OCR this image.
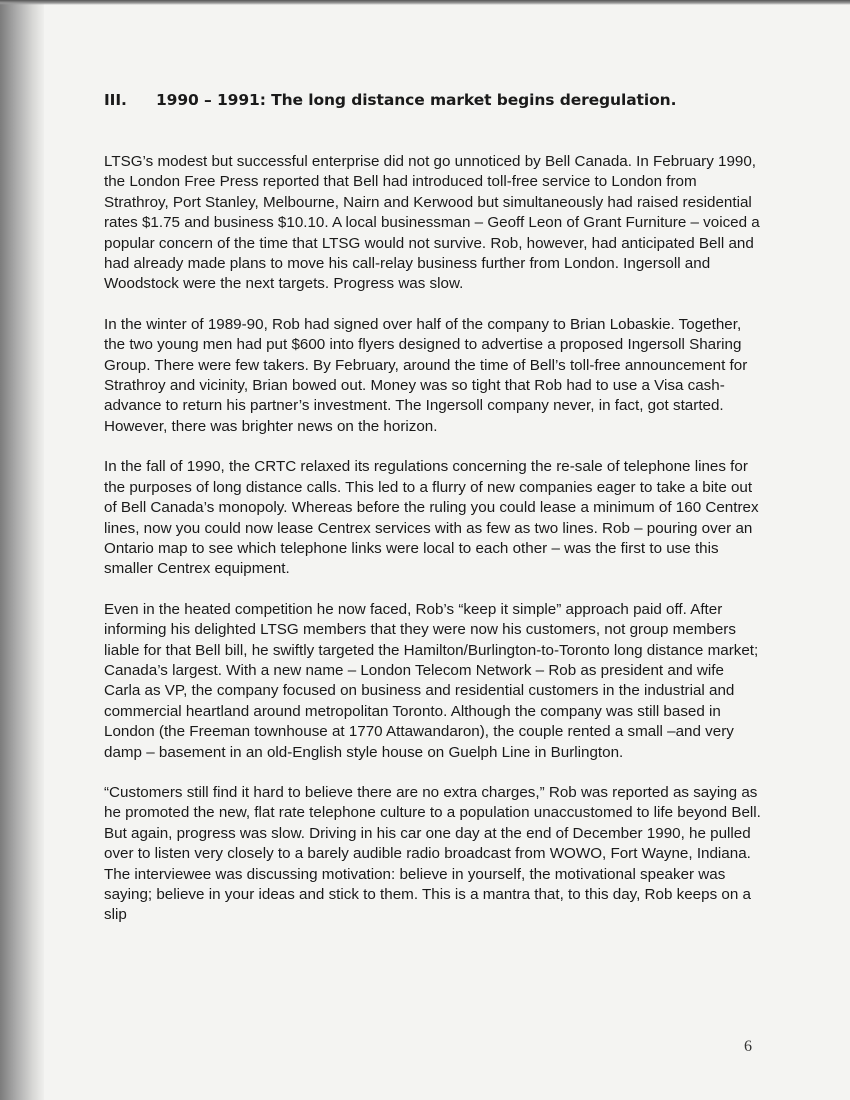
III. 1990 – 1991: The long distance market begins deregulation.

LTSG’s modest but successful enterprise did not go unnoticed by Bell Canada. In February 1990, the London Free Press reported that Bell had introduced toll-free service to London from Strathroy, Port Stanley, Melbourne, Nairn and Kerwood but simultaneously had raised residential rates $1.75 and business $10.10. A local businessman – Geoff Leon of Grant Furniture – voiced a popular concern of the time that LTSG would not survive. Rob, however, had anticipated Bell and had already made plans to move his call-relay business further from London. Ingersoll and Woodstock were the next targets. Progress was slow.

In the winter of 1989-90, Rob had signed over half of the company to Brian Lobaskie. Together, the two young men had put $600 into flyers designed to advertise a proposed Ingersoll Sharing Group. There were few takers. By February, around the time of Bell’s toll-free announcement for Strathroy and vicinity, Brian bowed out. Money was so tight that Rob had to use a Visa cash-advance to return his partner’s investment. The Ingersoll company never, in fact, got started. However, there was brighter news on the horizon.

In the fall of 1990, the CRTC relaxed its regulations concerning the re-sale of telephone lines for the purposes of long distance calls. This led to a flurry of new companies eager to take a bite out of Bell Canada’s monopoly. Whereas before the ruling you could lease a minimum of 160 Centrex lines, now you could now lease Centrex services with as few as two lines. Rob – pouring over an Ontario map to see which telephone links were local to each other – was the first to use this smaller Centrex equipment.

Even in the heated competition he now faced, Rob’s “keep it simple” approach paid off. After informing his delighted LTSG members that they were now his customers, not group members liable for that Bell bill, he swiftly targeted the Hamilton/Burlington-to-Toronto long distance market; Canada’s largest. With a new name – London Telecom Network – Rob as president and wife Carla as VP, the company focused on business and residential customers in the industrial and commercial heartland around metropolitan Toronto. Although the company was still based in London (the Freeman townhouse at 1770 Attawandaron), the couple rented a small –and very damp – basement in an old-English style house on Guelph Line in Burlington.

“Customers still find it hard to believe there are no extra charges,” Rob was reported as saying as he promoted the new, flat rate telephone culture to a population unaccustomed to life beyond Bell. But again, progress was slow. Driving in his car one day at the end of December 1990, he pulled over to listen very closely to a barely audible radio broadcast from WOWO, Fort Wayne, Indiana. The interviewee was discussing motivation: believe in yourself, the motivational speaker was saying; believe in your ideas and stick to them. This is a mantra that, to this day, Rob keeps on a slip

6
